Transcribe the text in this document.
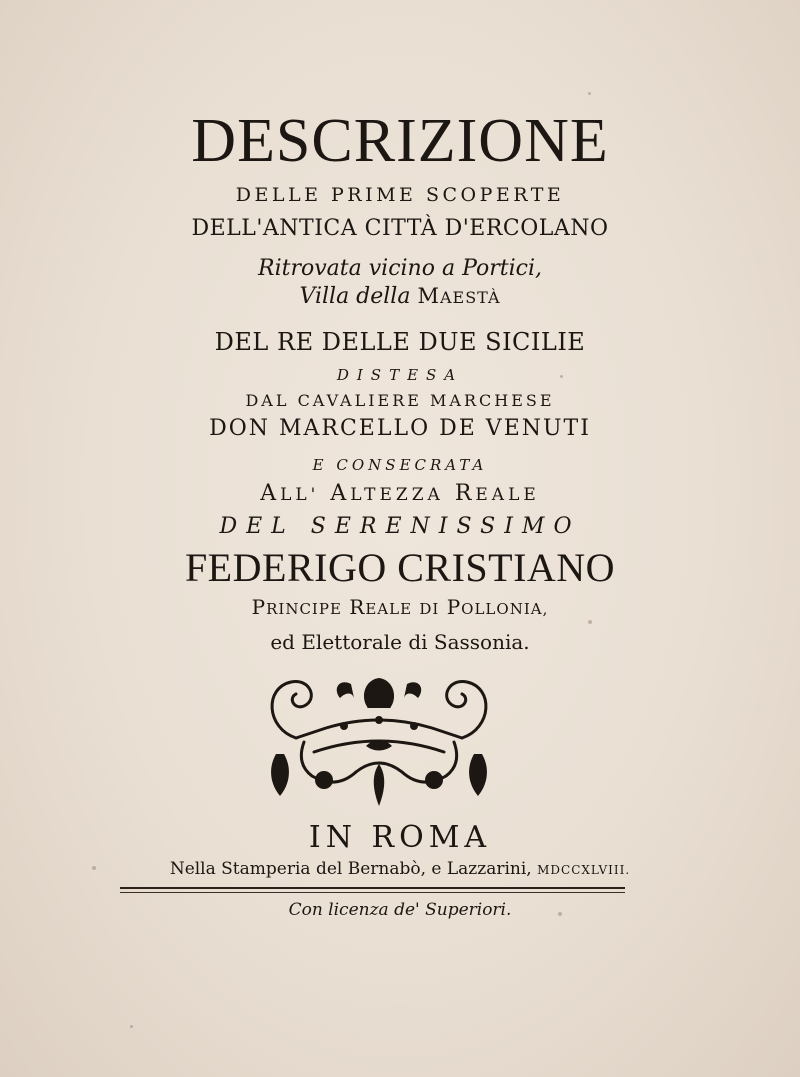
DESCRIZIONE
DELLE PRIME SCOPERTE
DELL'ANTICA CITTÀ D'ERCOLANO
Ritrovata vicino a Portici,
Villa della MAESTÀ
DEL RE DELLE DUE SICILIE
DISTESA
DAL CAVALIERE MARCHESE
DON MARCELLO DE VENUTI
E CONSECRATA
ALL' ALTEZZA REALE
DEL SERENISSIMO
FEDERIGO CRISTIANO
PRINCIPE REALE DI POLLONIA,
ed Elettorale di Sassonia.
IN ROMA
Nella Stamperia del Bernabò, e Lazzarini, MDCCXLVIII.
Con licenza de' Superiori.
